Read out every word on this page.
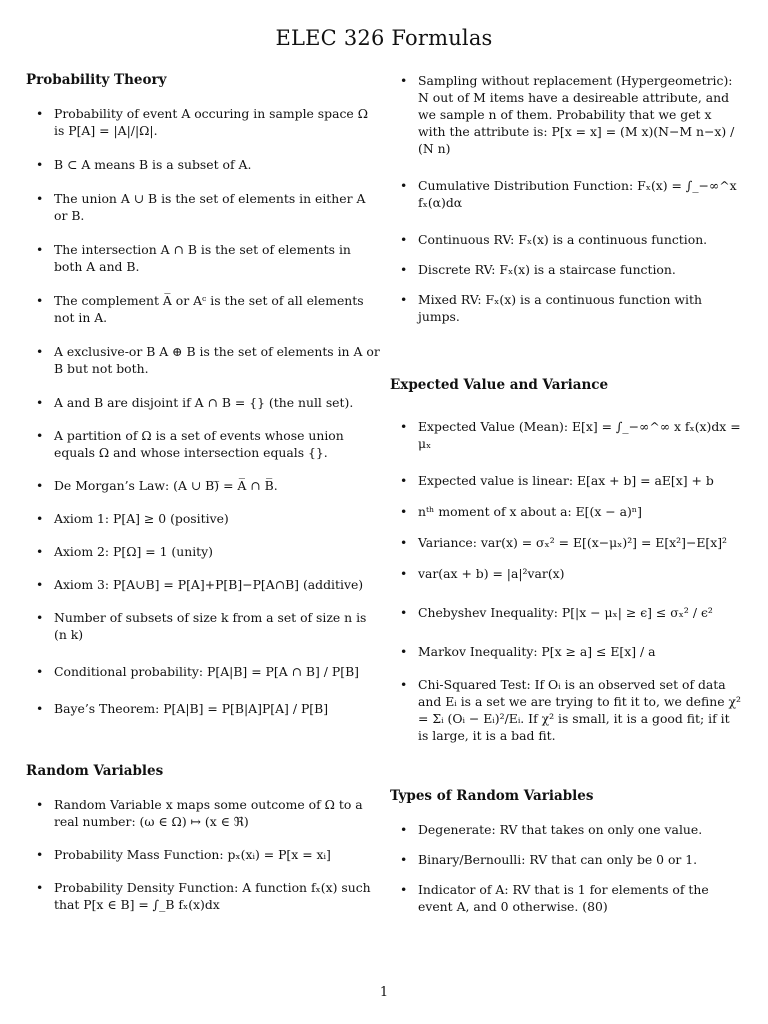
ELEC 326 Formulas
Probability Theory
• Probability of event A occuring in sample space Ω is P[A] = |A|/|Ω|.
• B ⊂ A means B is a subset of A.
• The union A ∪ B is the set of elements in either A or B.
• The intersection A ∩ B is the set of elements in both A and B.
• The complement A̅ or Aᶜ is the set of all elements not in A.
• A exclusive-or B A ⊕ B is the set of elements in A or B but not both.
• A and B are disjoint if A ∩ B = {} (the null set).
• A partition of Ω is a set of events whose union equals Ω and whose intersection equals {}.
• De Morgan’s Law: (A ∪ B)̅ = A̅ ∩ B̅.
• Axiom 1: P[A] ≥ 0 (positive)
• Axiom 2: P[Ω] = 1 (unity)
• Axiom 3: P[A∪B] = P[A]+P[B]−P[A∩B] (additive)
• Number of subsets of size k from a set of size n is (n k)
• Conditional probability: P[A|B] = P[A ∩ B] / P[B]
• Baye’s Theorem: P[A|B] = P[B|A]P[A] / P[B]
Random Variables
• Random Variable x maps some outcome of Ω to a real number: (ω ∈ Ω) ↦ (x ∈ ℜ)
• Probability Mass Function: pₓ(xᵢ) = P[x = xᵢ]
• Probability Density Function: A function fₓ(x) such that P[x ∈ B] = ∫_B fₓ(x)dx
• Sampling without replacement (Hypergeometric): N out of M items have a desireable attribute, and we sample n of them. Probability that we get x with the attribute is: P[x = x] = (M x)(N−M n−x) / (N n)
• Cumulative Distribution Function: Fₓ(x) = ∫_−∞^x fₓ(α)dα
• Continuous RV: Fₓ(x) is a continuous function.
• Discrete RV: Fₓ(x) is a staircase function.
• Mixed RV: Fₓ(x) is a continuous function with jumps.
Expected Value and Variance
• Expected Value (Mean): E[x] = ∫_−∞^∞ x fₓ(x)dx = μₓ
• Expected value is linear: E[ax + b] = aE[x] + b
• nᵗʰ moment of x about a: E[(x − a)ⁿ]
• Variance: var(x) = σₓ² = E[(x−μₓ)²] = E[x²]−E[x]²
• var(ax + b) = |a|²var(x)
• Chebyshev Inequality: P[|x − μₓ| ≥ ϵ] ≤ σₓ² / ϵ²
• Markov Inequality: P[x ≥ a] ≤ E[x] / a
• Chi-Squared Test: If Oᵢ is an observed set of data and Eᵢ is a set we are trying to fit it to, we define χ² = Σᵢ (Oᵢ − Eᵢ)²/Eᵢ. If χ² is small, it is a good fit; if it is large, it is a bad fit.
Types of Random Variables
• Degenerate: RV that takes on only one value.
• Binary/Bernoulli: RV that can only be 0 or 1.
• Indicator of A: RV that is 1 for elements of the event A, and 0 otherwise. (80)
1
